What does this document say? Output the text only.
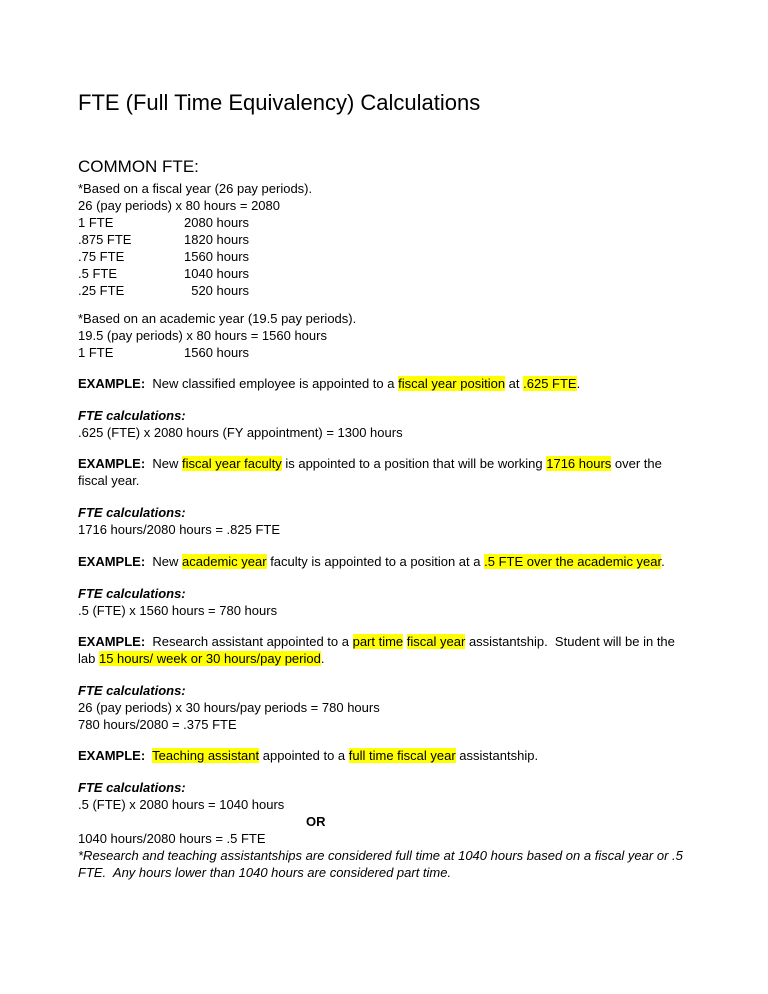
FTE (Full Time Equivalency) Calculations
COMMON FTE:
*Based on a fiscal year (26 pay periods).
26 (pay periods) x 80 hours = 2080
1 FTE	2080 hours
.875 FTE	1820 hours
.75 FTE	1560 hours
.5 FTE	1040 hours
.25 FTE	520 hours
*Based on an academic year (19.5 pay periods).
19.5 (pay periods) x 80 hours = 1560 hours
1 FTE	1560 hours
EXAMPLE: New classified employee is appointed to a fiscal year position at .625 FTE.
FTE calculations:
.625 (FTE) x 2080 hours (FY appointment) = 1300 hours
EXAMPLE: New fiscal year faculty is appointed to a position that will be working 1716 hours over the
fiscal year.
FTE calculations:
1716 hours/2080 hours = .825 FTE
EXAMPLE: New academic year faculty is appointed to a position at a .5 FTE over the academic year.
FTE calculations:
.5 (FTE) x 1560 hours = 780 hours
EXAMPLE: Research assistant appointed to a part time fiscal year assistantship.  Student will be in the
lab 15 hours/ week or 30 hours/pay period.
FTE calculations:
26 (pay periods) x 30 hours/pay periods = 780 hours
780 hours/2080 = .375 FTE
EXAMPLE: Teaching assistant appointed to a full time fiscal year assistantship.
FTE calculations:
.5 (FTE) x 2080 hours = 1040 hours
OR
1040 hours/2080 hours = .5 FTE
*Research and teaching assistantships are considered full time at 1040 hours based on a fiscal year or .5
FTE.  Any hours lower than 1040 hours are considered part time.
